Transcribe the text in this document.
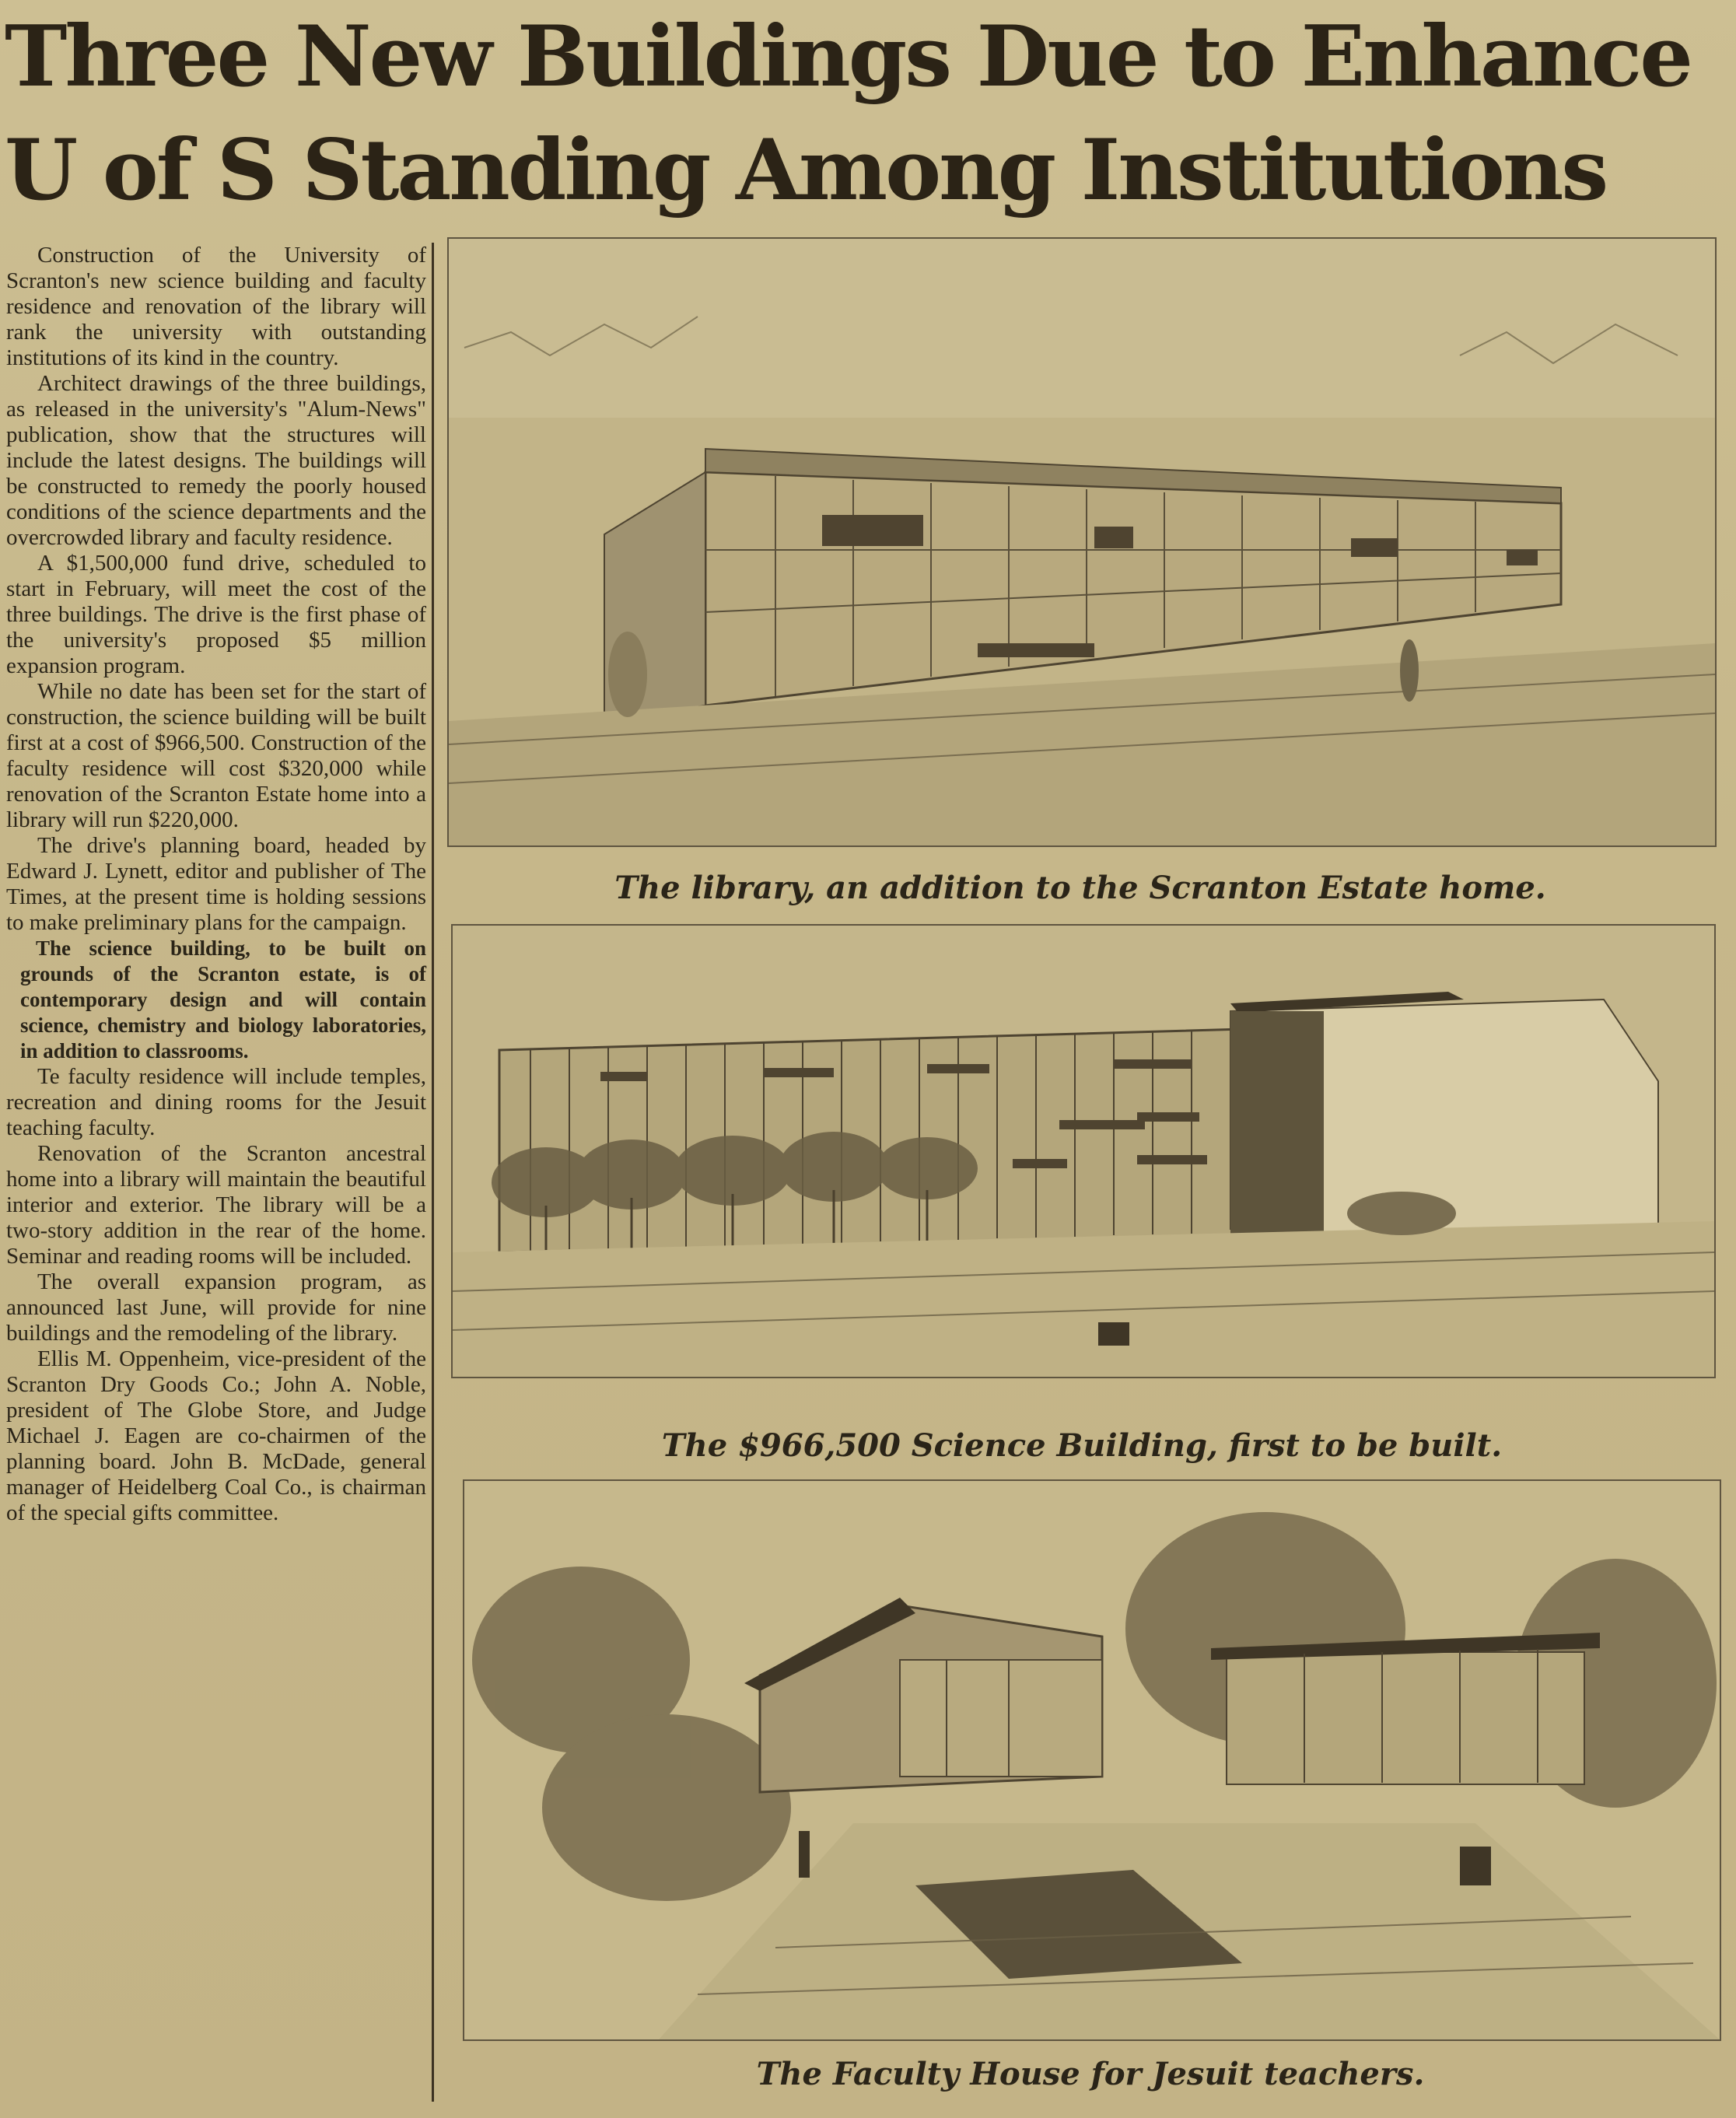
Three New Buildings Due to Enhance
U of S Standing Among Institutions

Construction of the University of Scranton's new science building and faculty residence and renovation of the library will rank the university with outstanding institutions of its kind in the country.

Architect drawings of the three buildings, as released in the university's "Alum-News" publication, show that the structures will include the latest designs. The buildings will be constructed to remedy the poorly housed conditions of the science departments and the overcrowded library and faculty residence.

A $1,500,000 fund drive, scheduled to start in February, will meet the cost of the three buildings. The drive is the first phase of the university's proposed $5 million expansion program.

While no date has been set for the start of construction, the science building will be built first at a cost of $966,500. Construction of the faculty residence will cost $320,000 while renovation of the Scranton Estate home into a library will run $220,000.

The drive's planning board, headed by Edward J. Lynett, editor and publisher of The Times, at the present time is holding sessions to make preliminary plans for the campaign.

The science building, to be built on grounds of the Scranton estate, is of contemporary design and will contain science, chemistry and biology laboratories, in addition to classrooms.

Te faculty residence will include temples, recreation and dining rooms for the Jesuit teaching faculty.

Renovation of the Scranton ancestral home into a library will maintain the beautiful interior and exterior. The library will be a two-story addition in the rear of the home. Seminar and reading rooms will be included.

The overall expansion program, as announced last June, will provide for nine buildings and the remodeling of the library.

Ellis M. Oppenheim, vice-president of the Scranton Dry Goods Co.; John A. Noble, president of The Globe Store, and Judge Michael J. Eagen are co-chairmen of the planning board. John B. McDade, general manager of Heidelberg Coal Co., is chairman of the special gifts committee.

The library, an addition to the Scranton Estate home.
The $966,500 Science Building, first to be built.
The Faculty House for Jesuit teachers.
